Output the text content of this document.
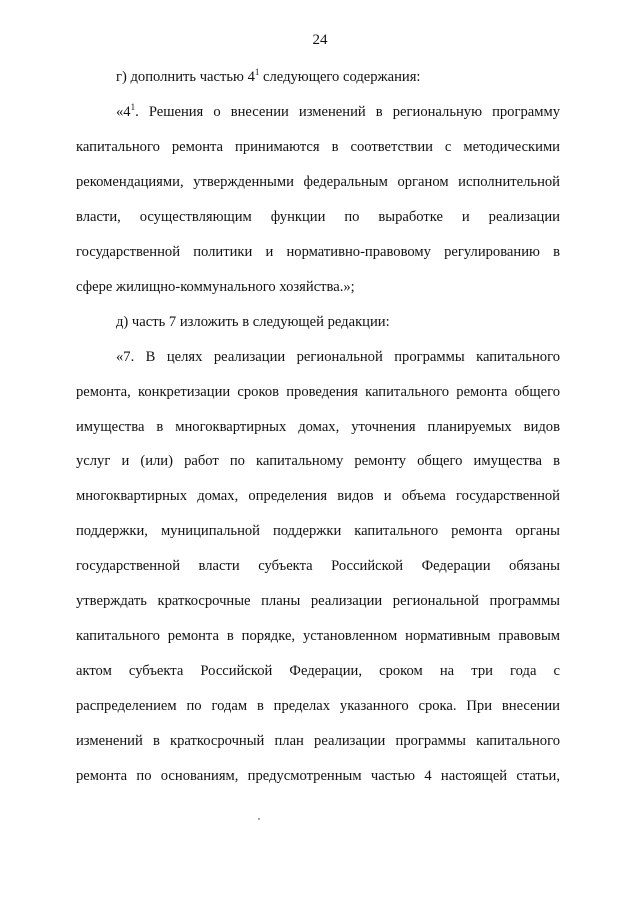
24
г) дополнить частью $4^1$ следующего содержания:
«$4^1$. Решения о внесении изменений в региональную программу
капитального ремонта принимаются в соответствии с методическими
рекомендациями, утвержденными федеральным органом исполнительной
власти, осуществляющим функции по выработке и реализации
государственной политики и нормативно-правовому регулированию в
сфере жилищно-коммунального хозяйства.»;
д) часть 7 изложить в следующей редакции:
«7. В целях реализации региональной программы капитального
ремонта, конкретизации сроков проведения капитального ремонта общего
имущества в многоквартирных домах, уточнения планируемых видов
услуг и (или) работ по капитальному ремонту общего имущества в
многоквартирных домах, определения видов и объема государственной
поддержки, муниципальной поддержки капитального ремонта органы
государственной власти субъекта Российской Федерации обязаны
утверждать краткосрочные планы реализации региональной программы
капитального ремонта в порядке, установленном нормативным правовым
актом субъекта Российской Федерации, сроком на три года с
распределением по годам в пределах указанного срока. При внесении
изменений в краткосрочный план реализации программы капитального
ремонта по основаниям, предусмотренным частью 4 настоящей статьи,
